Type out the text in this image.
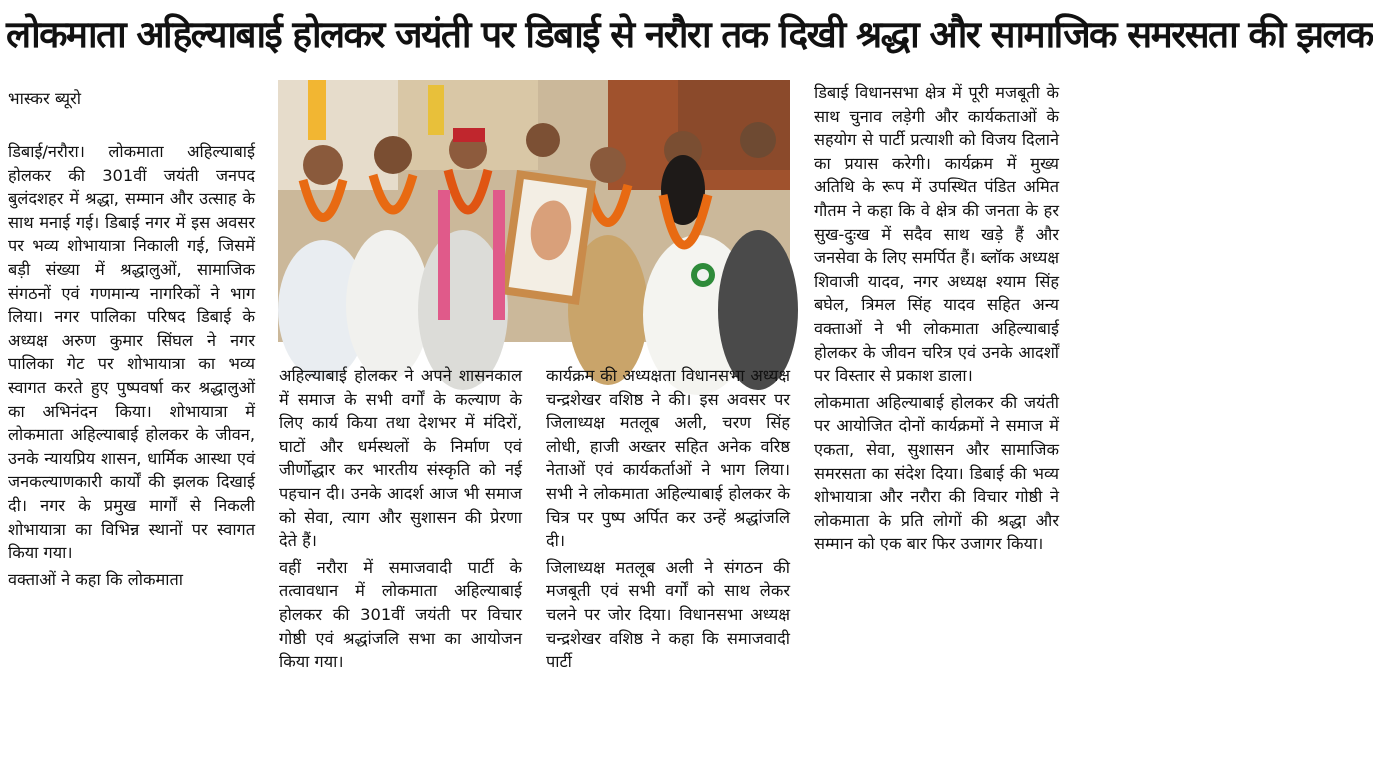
लोकमाता अहिल्याबाई होलकर जयंती पर डिबाई से नरौरा तक दिखी श्रद्धा और सामाजिक समरसता की झलक
भास्कर ब्यूरो

डिबाई/नरौरा। लोकमाता अहिल्याबाई होलकर की 301वीं जयंती जनपद बुलंदशहर में श्रद्धा, सम्मान और उत्साह के साथ मनाई गई। डिबाई नगर में इस अवसर पर भव्य शोभायात्रा निकाली गई, जिसमें बड़ी संख्या में श्रद्धालुओं, सामाजिक संगठनों एवं गणमान्य नागरिकों ने भाग लिया। नगर पालिका परिषद डिबाई के अध्यक्ष अरुण कुमार सिंघल ने नगर पालिका गेट पर शोभायात्रा का भव्य स्वागत करते हुए पुष्पवर्षा कर श्रद्धालुओं का अभिनंदन किया। शोभायात्रा में लोकमाता अहिल्याबाई होलकर के जीवन, उनके न्यायप्रिय शासन, धार्मिक आस्था एवं जनकल्याणकारी कार्यों की झलक दिखाई दी। नगर के प्रमुख मार्गों से निकली शोभायात्रा का विभिन्न स्थानों पर स्वागत किया गया।

वक्ताओं ने कहा कि लोकमाता

अहिल्याबाई होलकर ने अपने शासनकाल में समाज के सभी वर्गों के कल्याण के लिए कार्य किया तथा देशभर में मंदिरों, घाटों और धर्मस्थलों के निर्माण एवं जीर्णोद्धार कर भारतीय संस्कृति को नई पहचान दी। उनके आदर्श आज भी समाज को सेवा, त्याग और सुशासन की प्रेरणा देते हैं।

वहीं नरौरा में समाजवादी पार्टी के तत्वावधान में लोकमाता अहिल्याबाई होलकर की 301वीं जयंती पर विचार गोष्ठी एवं श्रद्धांजलि सभा का आयोजन किया गया।

कार्यक्रम की अध्यक्षता विधानसभा अध्यक्ष चन्द्रशेखर वशिष्ठ ने की। इस अवसर पर जिलाध्यक्ष मतलूब अली, चरण सिंह लोधी, हाजी अख्तर सहित अनेक वरिष्ठ नेताओं एवं कार्यकर्ताओं ने भाग लिया। सभी ने लोकमाता अहिल्याबाई होलकर के चित्र पर पुष्प अर्पित कर उन्हें श्रद्धांजलि दी।

जिलाध्यक्ष मतलूब अली ने संगठन की मजबूती एवं सभी वर्गों को साथ लेकर चलने पर जोर दिया। विधानसभा अध्यक्ष चन्द्रशेखर वशिष्ठ ने कहा कि समाजवादी पार्टी

डिबाई विधानसभा क्षेत्र में पूरी मजबूती के साथ चुनाव लड़ेगी और कार्यकताओं के सहयोग से पार्टी प्रत्याशी को विजय दिलाने का प्रयास करेगी। कार्यक्रम में मुख्य अतिथि के रूप में उपस्थित पंडित अमित गौतम ने कहा कि वे क्षेत्र की जनता के हर सुख-दुःख में सदैव साथ खड़े हैं और जनसेवा के लिए समर्पित हैं। ब्लॉक अध्यक्ष शिवाजी यादव, नगर अध्यक्ष श्याम सिंह बघेल, त्रिमल सिंह यादव सहित अन्य वक्ताओं ने भी लोकमाता अहिल्याबाई होलकर के जीवन चरित्र एवं उनके आदर्शों पर विस्तार से प्रकाश डाला।

लोकमाता अहिल्याबाई होलकर की जयंती पर आयोजित दोनों कार्यक्रमों ने समाज में एकता, सेवा, सुशासन और सामाजिक समरसता का संदेश दिया। डिबाई की भव्य शोभायात्रा और नरौरा की विचार गोष्ठी ने लोकमाता के प्रति लोगों की श्रद्धा और सम्मान को एक बार फिर उजागर किया।
